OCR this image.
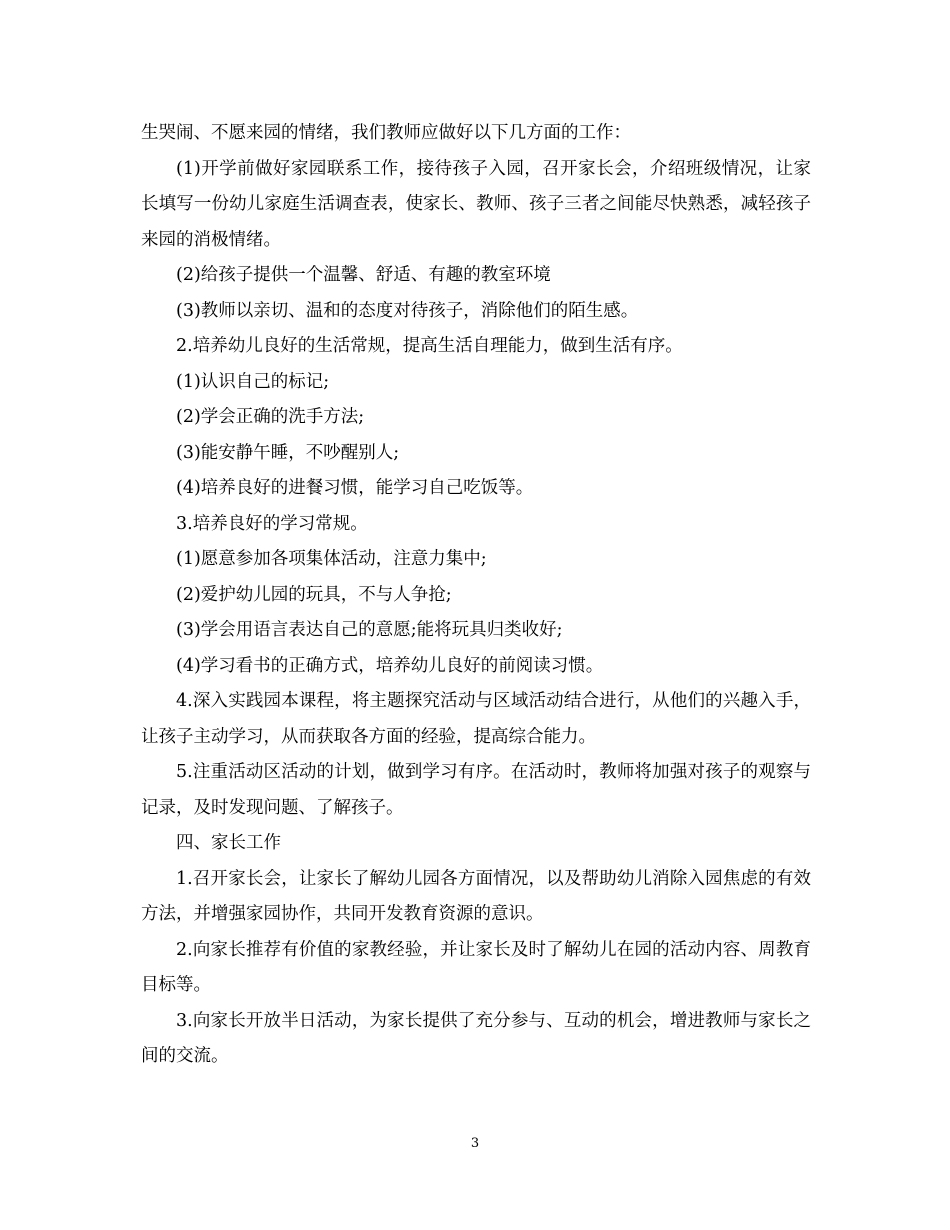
生哭闹、不愿来园的情绪，我们教师应做好以下几方面的工作：

(1)开学前做好家园联系工作，接待孩子入园，召开家长会，介绍班级情况，让家长填写一份幼儿家庭生活调查表，使家长、教师、孩子三者之间能尽快熟悉，减轻孩子来园的消极情绪。

(2)给孩子提供一个温馨、舒适、有趣的教室环境

(3)教师以亲切、温和的态度对待孩子，消除他们的陌生感。

2.培养幼儿良好的生活常规，提高生活自理能力，做到生活有序。

(1)认识自己的标记;

(2)学会正确的洗手方法;

(3)能安静午睡，不吵醒别人;

(4)培养良好的进餐习惯，能学习自己吃饭等。

3.培养良好的学习常规。

(1)愿意参加各项集体活动，注意力集中;

(2)爱护幼儿园的玩具，不与人争抢;

(3)学会用语言表达自己的意愿;能将玩具归类收好;

(4)学习看书的正确方式，培养幼儿良好的前阅读习惯。

4.深入实践园本课程，将主题探究活动与区域活动结合进行，从他们的兴趣入手，让孩子主动学习，从而获取各方面的经验，提高综合能力。

5.注重活动区活动的计划，做到学习有序。在活动时，教师将加强对孩子的观察与记录，及时发现问题、了解孩子。

四、家长工作

1.召开家长会，让家长了解幼儿园各方面情况，以及帮助幼儿消除入园焦虑的有效方法，并增强家园协作，共同开发教育资源的意识。

2.向家长推荐有价值的家教经验，并让家长及时了解幼儿在园的活动内容、周教育目标等。

3.向家长开放半日活动，为家长提供了充分参与、互动的机会，增进教师与家长之间的交流。

3
